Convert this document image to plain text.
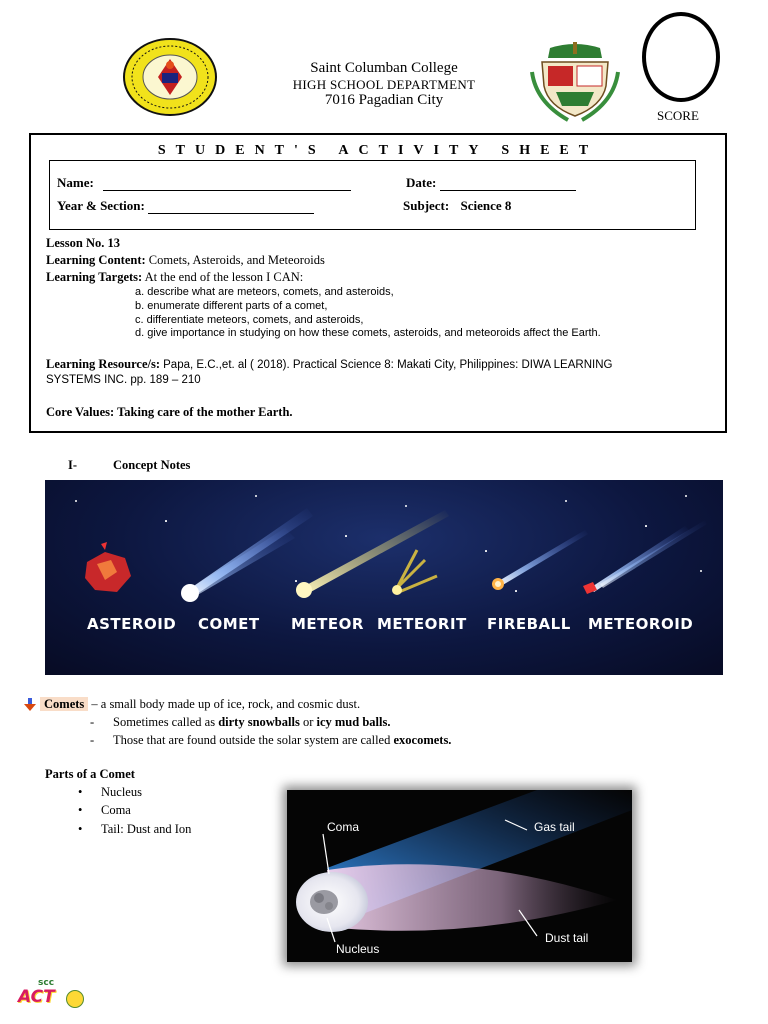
Saint Columban College
HIGH SCHOOL DEPARTMENT
7016 Pagadian City
SCORE
STUDENT'S ACTIVITY SHEET
Name:	Date:
Year & Section:	Subject: Science 8
Lesson No. 13
Learning Content: Comets, Asteroids, and Meteoroids
Learning Targets: At the end of the lesson I CAN:
a. describe what are meteors, comets, and asteroids,
b. enumerate different parts of a comet,
c. differentiate meteors, comets, and asteroids,
d. give importance in studying on how these comets, asteroids, and meteoroids affect the Earth.
Learning Resource/s: Papa, E.C.,et. al ( 2018). Practical Science 8: Makati City, Philippines: DIWA LEARNING
SYSTEMS INC. pp. 189 – 210
Core Values: Taking care of the mother Earth.
I-	Concept Notes
ASTEROID COMET METEOR METEORIT FIREBALL METEOROID
Comets – a small body made up of ice, rock, and cosmic dust.
- Sometimes called as dirty snowballs or icy mud balls.
- Those that are found outside the solar system are called exocomets.
Parts of a Comet
• Nucleus
• Coma
• Tail: Dust and Ion	Coma	Gas tail
Dust tail
Nucleus
scc
ACT
